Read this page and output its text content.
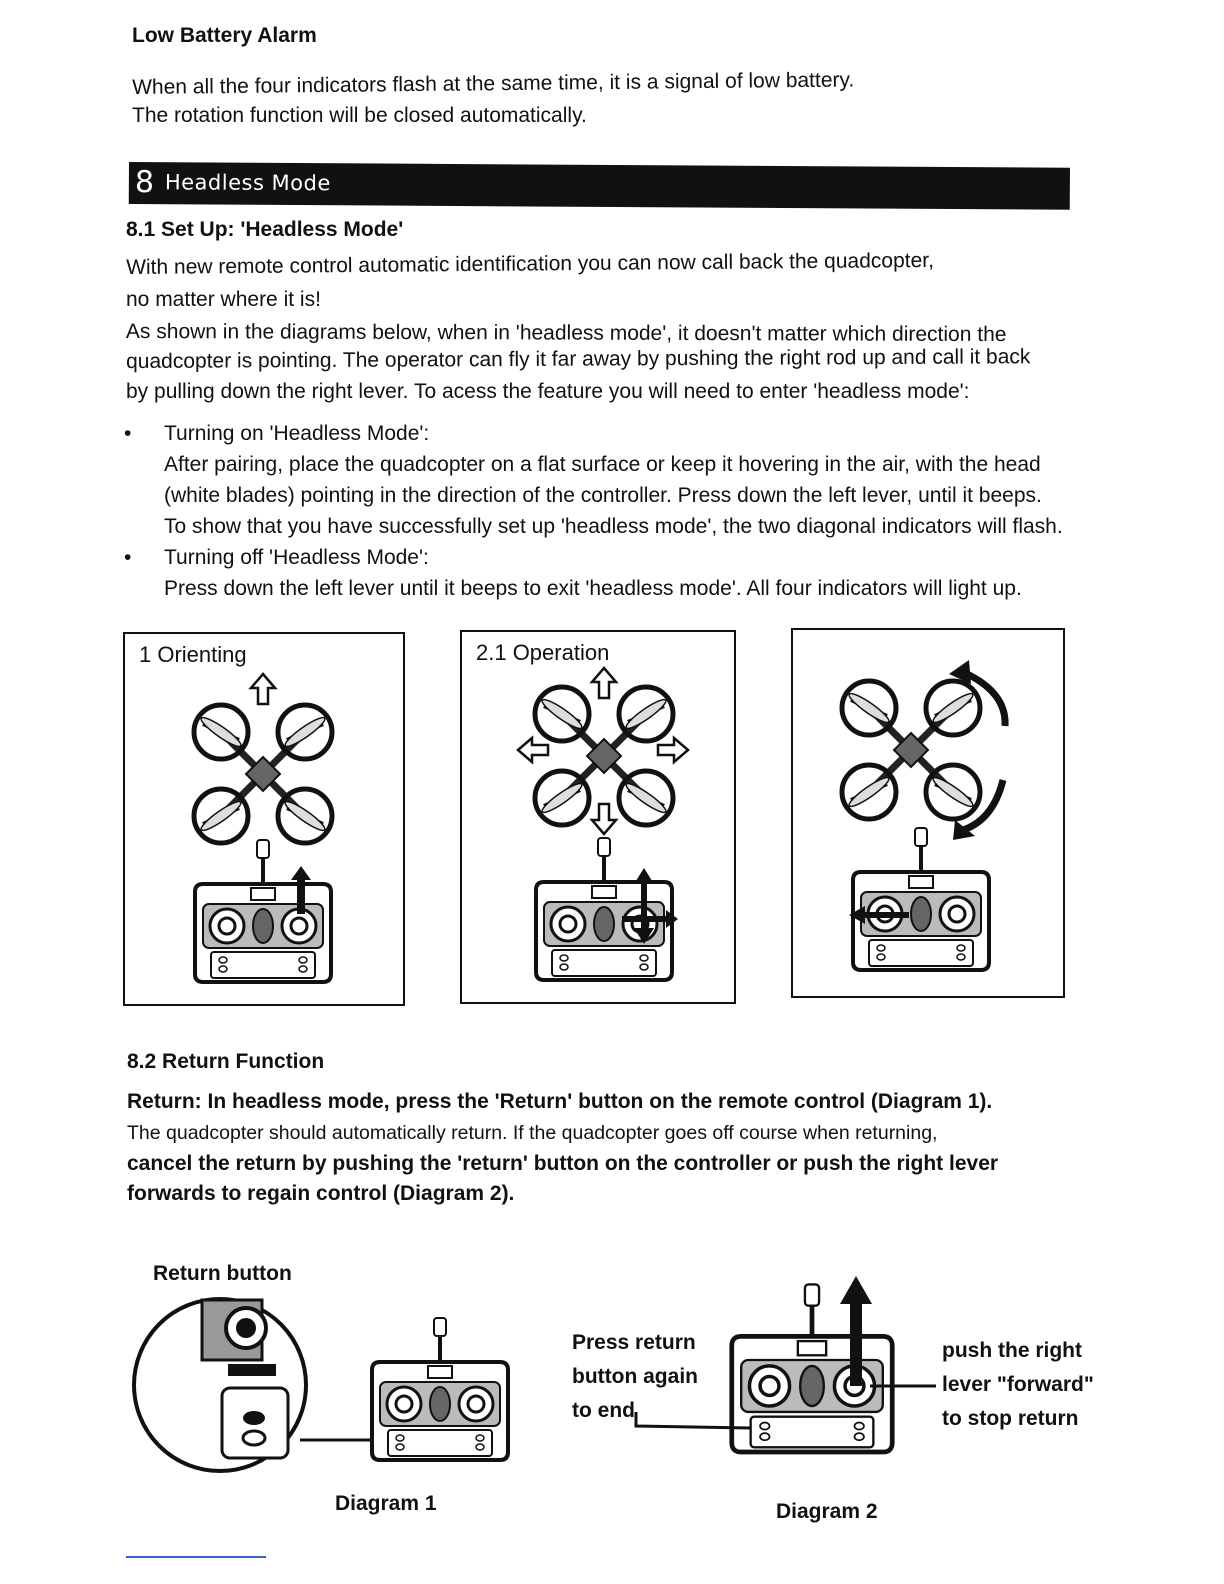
Low Battery Alarm
When all the four indicators flash at the same time, it is a signal of low battery.
The rotation function will be closed automatically.
8 Headless Mode
8.1 Set Up: 'Headless Mode'
With new remote control automatic identification you can now call back the quadcopter,
no matter where it is!
As shown in the diagrams below, when in 'headless mode', it doesn't matter which direction the
quadcopter is pointing. The operator can fly it far away by pushing the right rod up and call it back
by pulling down the right lever. To acess the feature you will need to enter 'headless mode':
• Turning on 'Headless Mode':
After pairing, place the quadcopter on a flat surface or keep it hovering in the air, with the head
(white blades) pointing in the direction of the controller. Press down the left lever, until it beeps.
To show that you have successfully set up 'headless mode', the two diagonal indicators will flash.
• Turning off 'Headless Mode':
Press down the left lever until it beeps to exit 'headless mode'. All four indicators will light up.
1 Orienting	2.1 Operation
8.2 Return Function
Return: In headless mode, press the 'Return' button on the remote control (Diagram 1).
The quadcopter should automatically return. If the quadcopter goes off course when returning,
cancel the return by pushing the 'return' button on the controller or push the right lever
forwards to regain control (Diagram 2).
Return button
Diagram 1
Press return
button again
to end
push the right
lever "forward"
to stop return
Diagram 2
